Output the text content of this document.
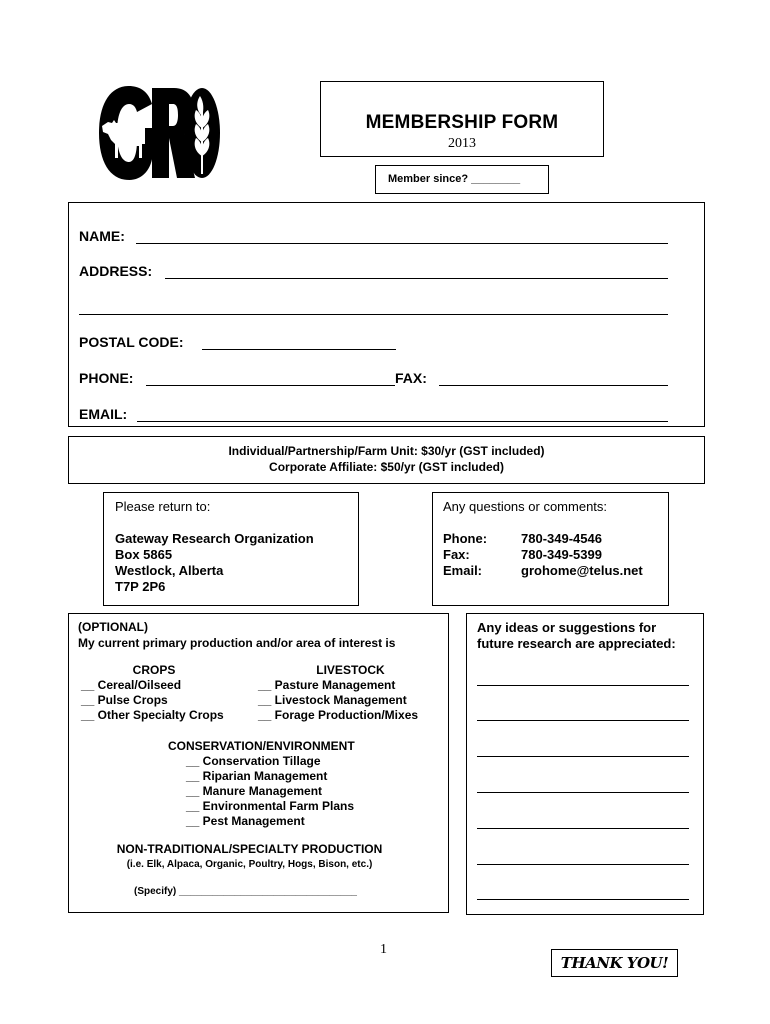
MEMBERSHIP FORM
2013
Member since? ________
NAME:
ADDRESS:
POSTAL CODE:
PHONE:	FAX:
EMAIL:
Individual/Partnership/Farm Unit: $30/yr (GST included)
Corporate Affiliate: $50/yr (GST included)
Please return to:
Gateway Research Organization
Box 5865
Westlock, Alberta
T7P 2P6
Any questions or comments:
Phone:	780-349-4546
Fax:	780-349-5399
Email:	grohome@telus.net
(OPTIONAL)
My current primary production and/or area of interest is
CROPS
__ Cereal/Oilseed
__ Pulse Crops
__ Other Specialty Crops
LIVESTOCK
__ Pasture Management
__ Livestock Management
__ Forage Production/Mixes
CONSERVATION/ENVIRONMENT
__ Conservation Tillage
__ Riparian Management
__ Manure Management
__ Environmental Farm Plans
__ Pest Management
NON-TRADITIONAL/SPECIALTY PRODUCTION
(i.e. Elk, Alpaca, Organic, Poultry, Hogs, Bison, etc.)
(Specify) ________________________________
Any ideas or suggestions for
future research are appreciated:
1
THANK YOU!
